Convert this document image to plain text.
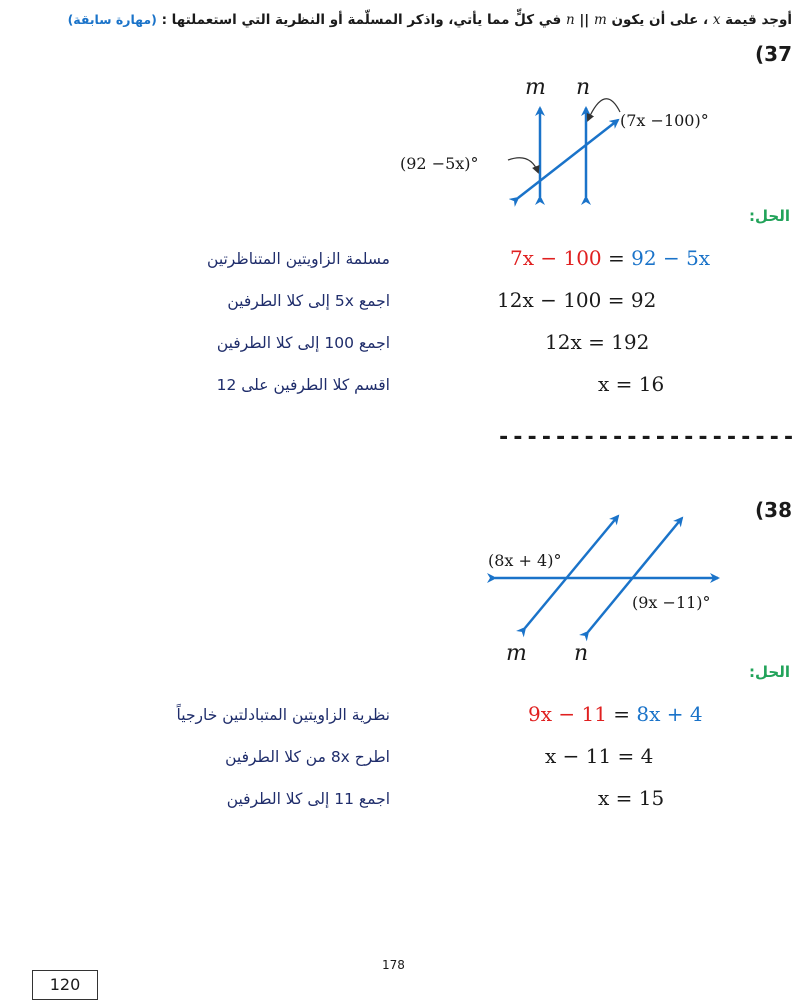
أوجد قيمة x ، على أن يكون n || m في كلٍّ مما يأتي، واذكر المسلّمة أو النظرية التي استعملتها : (مهارة سابقة)
(37
m n
(92 −5x)°
(7x −100)°
الحل:
7x − 100 = 92 − 5x
مسلمة الزاويتين المتناظرتين
12x − 100 = 92
اجمع 5x إلى كلا الطرفين
12x = 192
اجمع 100 إلى كلا الطرفين
x = 16
اقسم كلا الطرفين على 12
---------------------
(38
(8x + 4)°
(9x −11)°
m n
الحل:
9x − 11 = 8x + 4
نظرية الزاويتين المتبادلتين خارجياً
x − 11 = 4
اطرح 8x من كلا الطرفين
x = 15
اجمع 11 إلى كلا الطرفين
178
120
